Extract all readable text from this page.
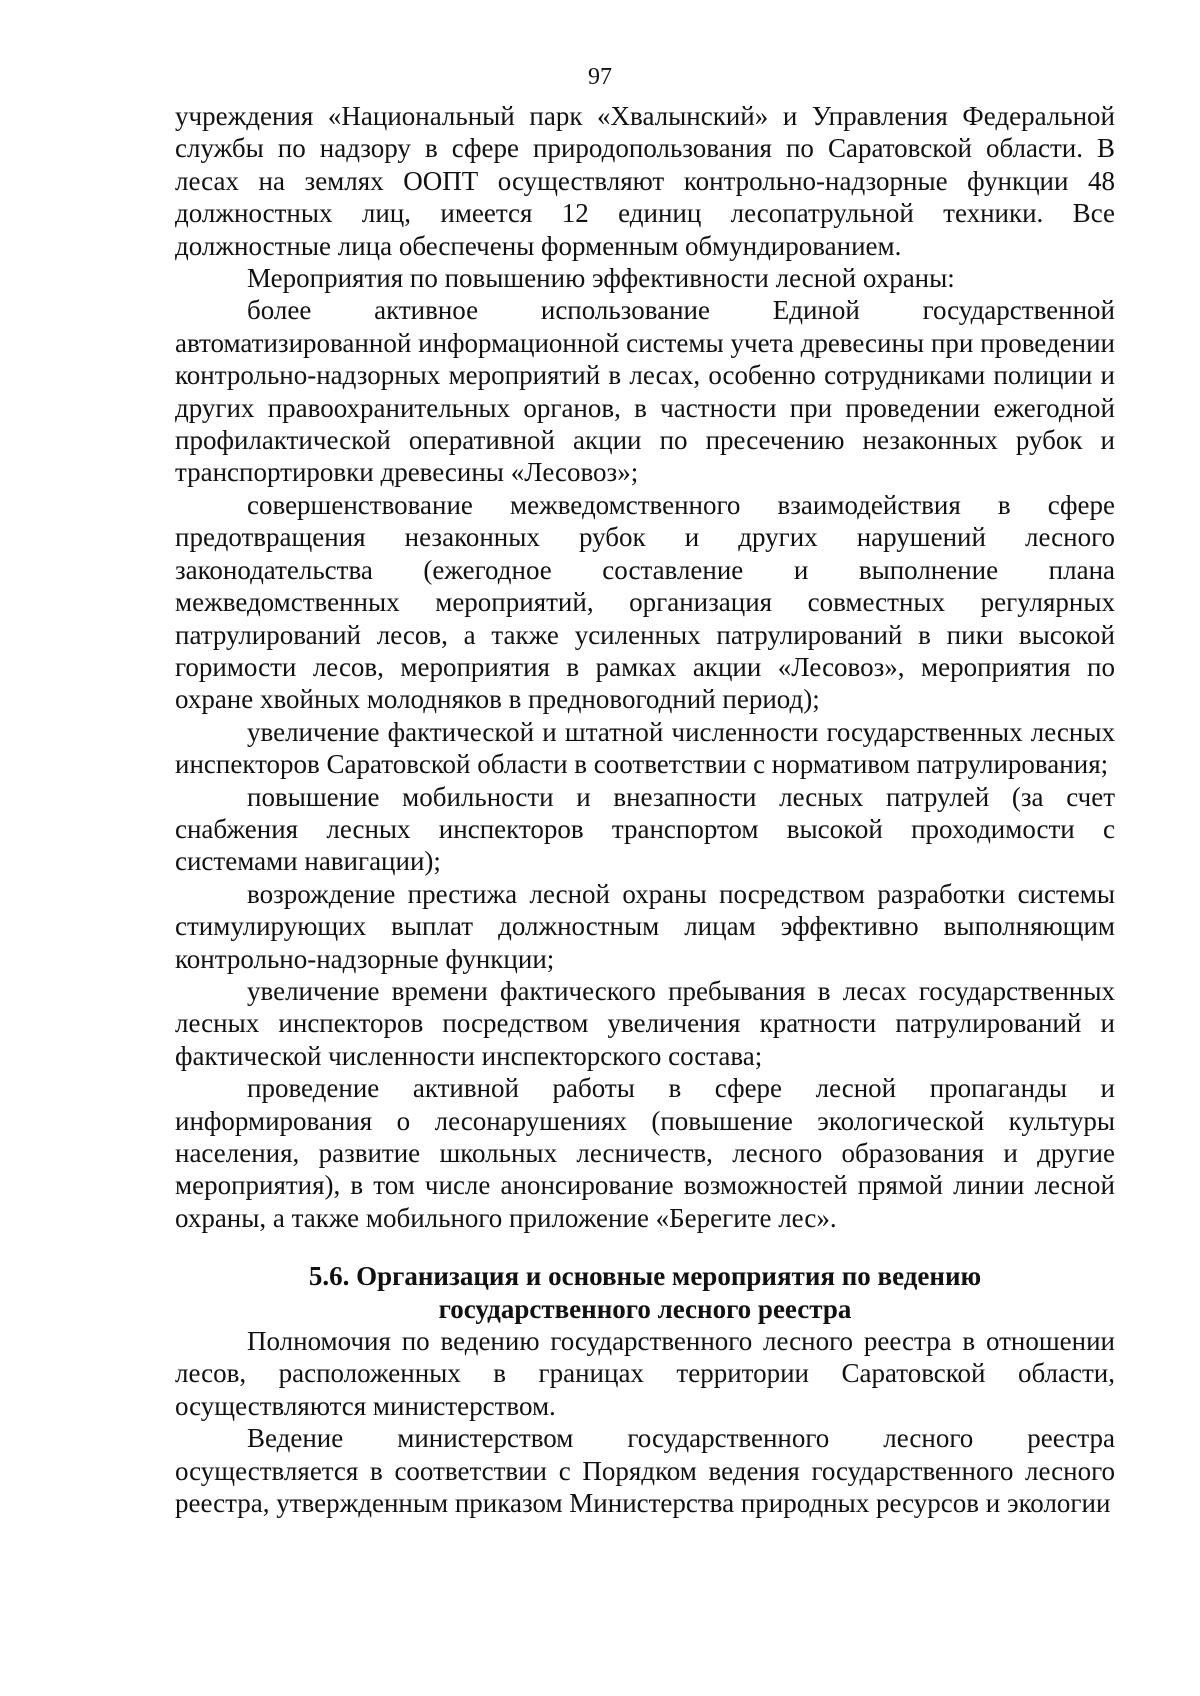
97

учреждения «Национальный парк «Хвалынский» и Управления Федеральной службы по надзору в сфере природопользования по Саратовской области. В лесах на землях ООПТ осуществляют контрольно-надзорные функции 48 должностных лиц, имеется 12 единиц лесопатрульной техники. Все должностные лица обеспечены форменным обмундированием.

Мероприятия по повышению эффективности лесной охраны:

более активное использование Единой государственной автоматизированной информационной системы учета древесины при проведении контрольно-надзорных мероприятий в лесах, особенно сотрудниками полиции и других правоохранительных органов, в частности при проведении ежегодной профилактической оперативной акции по пресечению незаконных рубок и транспортировки древесины «Лесовоз»;

совершенствование межведомственного взаимодействия в сфере предотвращения незаконных рубок и других нарушений лесного законодательства (ежегодное составление и выполнение плана межведомственных мероприятий, организация совместных регулярных патрулирований лесов, а также усиленных патрулирований в пики высокой горимости лесов, мероприятия в рамках акции «Лесовоз», мероприятия по охране хвойных молодняков в предновогодний период);

увеличение фактической и штатной численности государственных лесных инспекторов Саратовской области в соответствии с нормативом патрулирования;

повышение мобильности и внезапности лесных патрулей (за счет снабжения лесных инспекторов транспортом высокой проходимости с системами навигации);

возрождение престижа лесной охраны посредством разработки системы стимулирующих выплат должностным лицам эффективно выполняющим контрольно-надзорные функции;

увеличение времени фактического пребывания в лесах государственных лесных инспекторов посредством увеличения кратности патрулирований и фактической численности инспекторского состава;

проведение активной работы в сфере лесной пропаганды и информирования о лесонарушениях (повышение экологической культуры населения, развитие школьных лесничеств, лесного образования и другие мероприятия), в том числе анонсирование возможностей прямой линии лесной охраны, а также мобильного приложение «Берегите лес».

5.6. Организация и основные мероприятия по ведению
государственного лесного реестра

Полномочия по ведению государственного лесного реестра в отношении лесов, расположенных в границах территории Саратовской области, осуществляются министерством.

Ведение министерством государственного лесного реестра осуществляется в соответствии с Порядком ведения государственного лесного реестра, утвержденным приказом Министерства природных ресурсов и экологии
